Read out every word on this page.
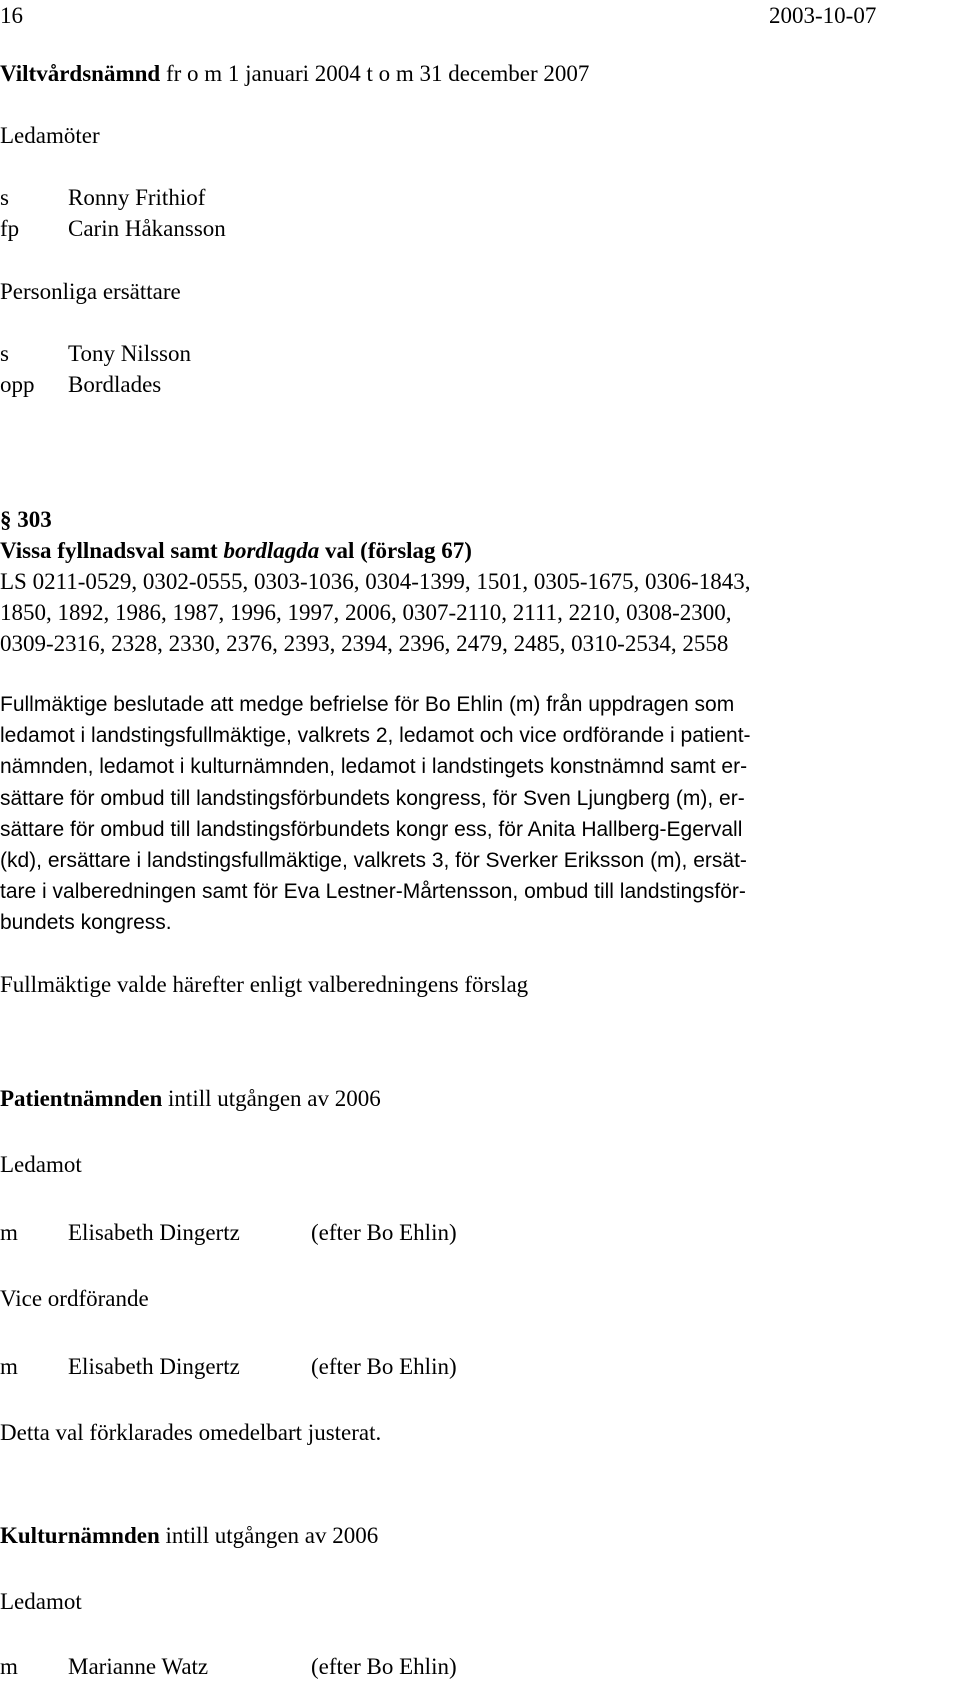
16	2003-10-07
Viltvårdsnämnd fr o m 1 januari 2004 t o m 31 december 2007
Ledamöter
s	Ronny Frithiof
fp Carin Håkansson
Personliga ersättare
s	Tony Nilsson
opp Bordlades
§ 303
Vissa fyllnadsval samt bordlagda val (förslag 67)
LS 0211-0529, 0302-0555, 0303-1036, 0304-1399, 1501, 0305-1675, 0306-1843,
1850, 1892, 1986, 1987, 1996, 1997, 2006, 0307-2110, 2111, 2210, 0308-2300,
0309-2316, 2328, 2330, 2376, 2393, 2394, 2396, 2479, 2485, 0310-2534, 2558
Fullmäktige beslutade att medge befrielse för Bo Ehlin (m) från uppdragen som
ledamot i landstingsfullmäktige, valkrets 2, ledamot och vice ordförande i patient-
nämnden, ledamot i kulturnämnden, ledamot i landstingets konstnämnd samt er-
sättare för ombud till landstingsförbundets kongress, för Sven Ljungberg (m), er-
sättare för ombud till landstingsförbundets kongr ess, för Anita Hallberg-Egervall
(kd), ersättare i landstingsfullmäktige, valkrets 3, för Sverker Eriksson (m), ersät-
tare i valberedningen samt för Eva Lestner-Mårtensson, ombud till landstingsför-
bundets kongress.
Fullmäktige valde härefter enligt valberedningens förslag
Patientnämnden intill utgången av 2006
Ledamot
m Elisabeth Dingertz	(efter Bo Ehlin)
Vice ordförande
m Elisabeth Dingertz	(efter Bo Ehlin)
Detta val förklarades omedelbart justerat.
Kulturnämnden intill utgången av 2006
Ledamot
m Marianne Watz	(efter Bo Ehlin)
